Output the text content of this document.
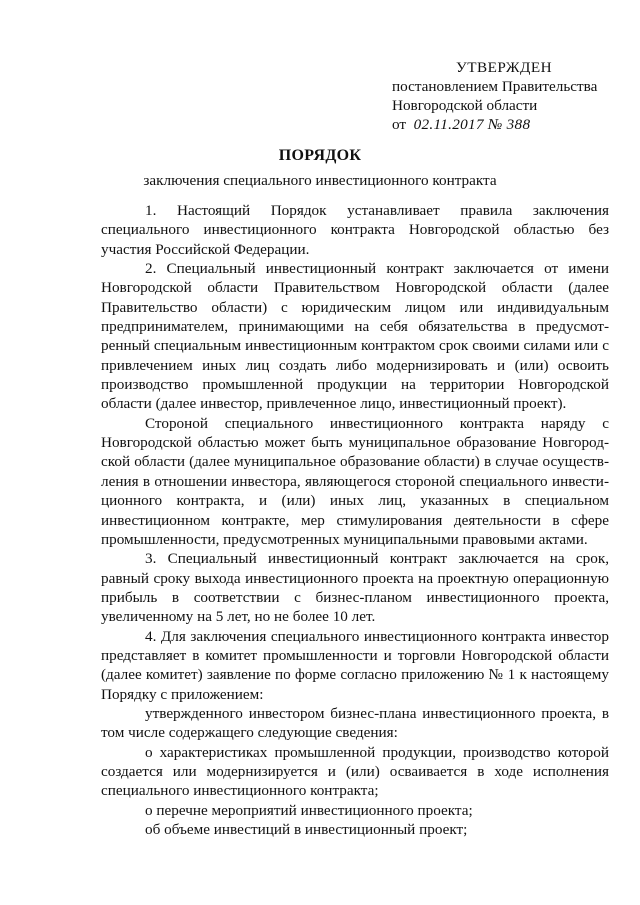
УТВЕРЖДЕН
постановлением Правительства
Новгородской области
от 02.11.2017 № 388
ПОРЯДОК
заключения специального инвестиционного контракта

1. Настоящий Порядок устанавливает правила заключения специального инвестиционного контракта Новгородской областью без участия Российской Федерации.

2. Специальный инвестиционный контракт заключается от имени Новгородской области Правительством Новгородской области (далее Правительство области) с юридическим лицом или индивидуальным предпринимателем, принимающими на себя обязательства в предусмотренный специальным инвестиционным контрактом срок своими силами или с привлечением иных лиц создать либо модернизировать и (или) освоить производство промышленной продукции на территории Новгородской области (далее инвестор, привлеченное лицо, инвестиционный проект).

Стороной специального инвестиционного контракта наряду с Новгородской областью может быть муниципальное образование Новгородской области (далее муниципальное образование области) в случае осуществления в отношении инвестора, являющегося стороной специального инвестиционного контракта, и (или) иных лиц, указанных в специальном инвестиционном контракте, мер стимулирования деятельности в сфере промышленности, предусмотренных муниципальными правовыми актами.

3. Специальный инвестиционный контракт заключается на срок, равный сроку выхода инвестиционного проекта на проектную операционную прибыль в соответствии с бизнес-планом инвестиционного проекта, увеличенному на 5 лет, но не более 10 лет.

4. Для заключения специального инвестиционного контракта инвестор представляет в комитет промышленности и торговли Новгородской области (далее комитет) заявление по форме согласно приложению № 1 к настоящему Порядку с приложением:

утвержденного инвестором бизнес-плана инвестиционного проекта, в том числе содержащего следующие сведения:

о характеристиках промышленной продукции, производство которой создается или модернизируется и (или) осваивается в ходе исполнения специального инвестиционного контракта;

о перечне мероприятий инвестиционного проекта;

об объеме инвестиций в инвестиционный проект;
